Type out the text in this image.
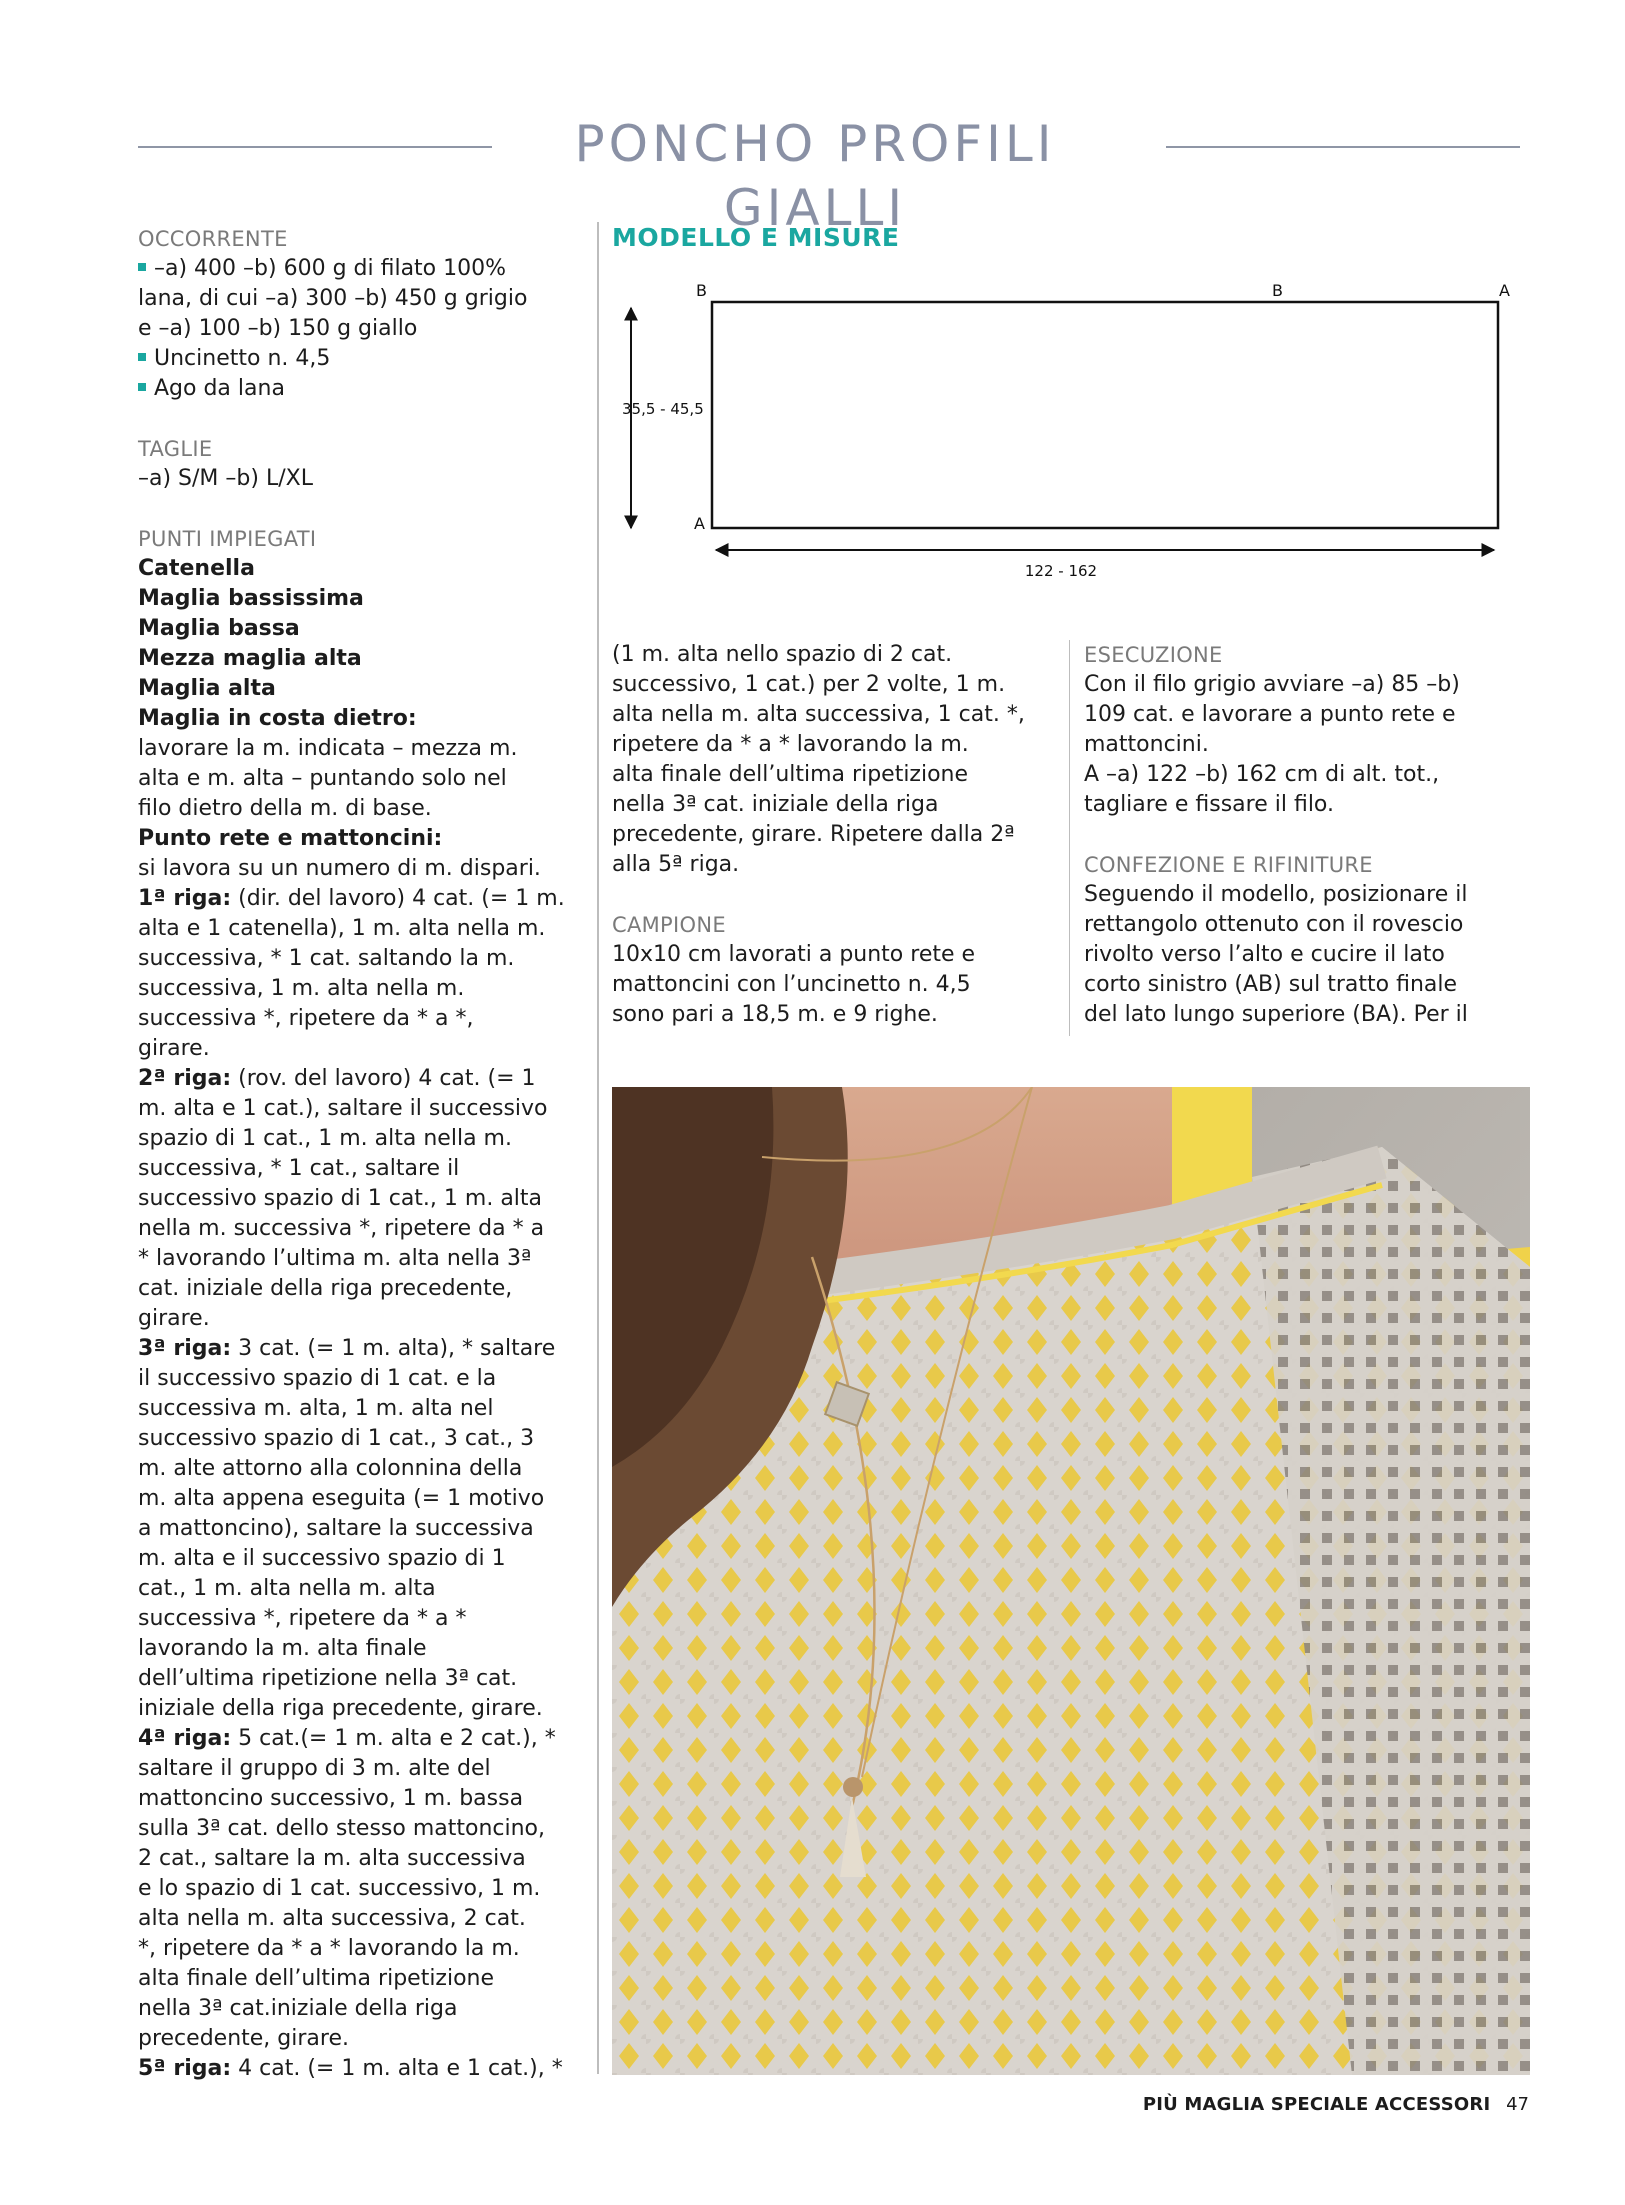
PONCHO PROFILI GIALLI
OCCORRENTE
–a) 400 –b) 600 g di filato 100%
lana, di cui –a) 300 –b) 450 g grigio
e –a) 100 –b) 150 g giallo
Uncinetto n. 4,5
Ago da lana
TAGLIE
–a) S/M –b) L/XL
PUNTI IMPIEGATI
Catenella
Maglia bassissima
Maglia bassa
Mezza maglia alta
Maglia alta
Maglia in costa dietro:
lavorare la m. indicata – mezza m.
alta e m. alta – puntando solo nel
filo dietro della m. di base.
Punto rete e mattoncini:
si lavora su un numero di m. dispari.
1ª riga: (dir. del lavoro) 4 cat. (= 1 m.
alta e 1 catenella), 1 m. alta nella m.
successiva, * 1 cat. saltando la m.
successiva, 1 m. alta nella m.
successiva *, ripetere da * a *,
girare.
2ª riga: (rov. del lavoro) 4 cat. (= 1
m. alta e 1 cat.), saltare il successivo
spazio di 1 cat., 1 m. alta nella m.
successiva, * 1 cat., saltare il
successivo spazio di 1 cat., 1 m. alta
nella m. successiva *, ripetere da * a
* lavorando l’ultima m. alta nella 3ª
cat. iniziale della riga precedente,
girare.
3ª riga: 3 cat. (= 1 m. alta), * saltare
il successivo spazio di 1 cat. e la
successiva m. alta, 1 m. alta nel
successivo spazio di 1 cat., 3 cat., 3
m. alte attorno alla colonnina della
m. alta appena eseguita (= 1 motivo
a mattoncino), saltare la successiva
m. alta e il successivo spazio di 1
cat., 1 m. alta nella m. alta
successiva *, ripetere da * a *
lavorando la m. alta finale
dell’ultima ripetizione nella 3ª cat.
iniziale della riga precedente, girare.
4ª riga: 5 cat.(= 1 m. alta e 2 cat.), *
saltare il gruppo di 3 m. alte del
mattoncino successivo, 1 m. bassa
sulla 3ª cat. dello stesso mattoncino,
2 cat., saltare la m. alta successiva
e lo spazio di 1 cat. successivo, 1 m.
alta nella m. alta successiva, 2 cat.
*, ripetere da * a * lavorando la m.
alta finale dell’ultima ripetizione
nella 3ª cat.iniziale della riga
precedente, girare.
5ª riga: 4 cat. (= 1 m. alta e 1 cat.), *
MODELLO E MISURE
B	B	A
A
35,5 - 45,5
122 - 162
(1 m. alta nello spazio di 2 cat.
successivo, 1 cat.) per 2 volte, 1 m.
alta nella m. alta successiva, 1 cat. *,
ripetere da * a * lavorando la m.
alta finale dell’ultima ripetizione
nella 3ª cat. iniziale della riga
precedente, girare. Ripetere dalla 2ª
alla 5ª riga.
CAMPIONE
10x10 cm lavorati a punto rete e
mattoncini con l’uncinetto n. 4,5
sono pari a 18,5 m. e 9 righe.
ESECUZIONE
Con il filo grigio avviare –a) 85 –b)
109 cat. e lavorare a punto rete e
mattoncini.
A –a) 122 –b) 162 cm di alt. tot.,
tagliare e fissare il filo.
CONFEZIONE E RIFINITURE
Seguendo il modello, posizionare il
rettangolo ottenuto con il rovescio
rivolto verso l’alto e cucire il lato
corto sinistro (AB) sul tratto finale
del lato lungo superiore (BA). Per il
PIÙ MAGLIA SPECIALE ACCESSORI 47
